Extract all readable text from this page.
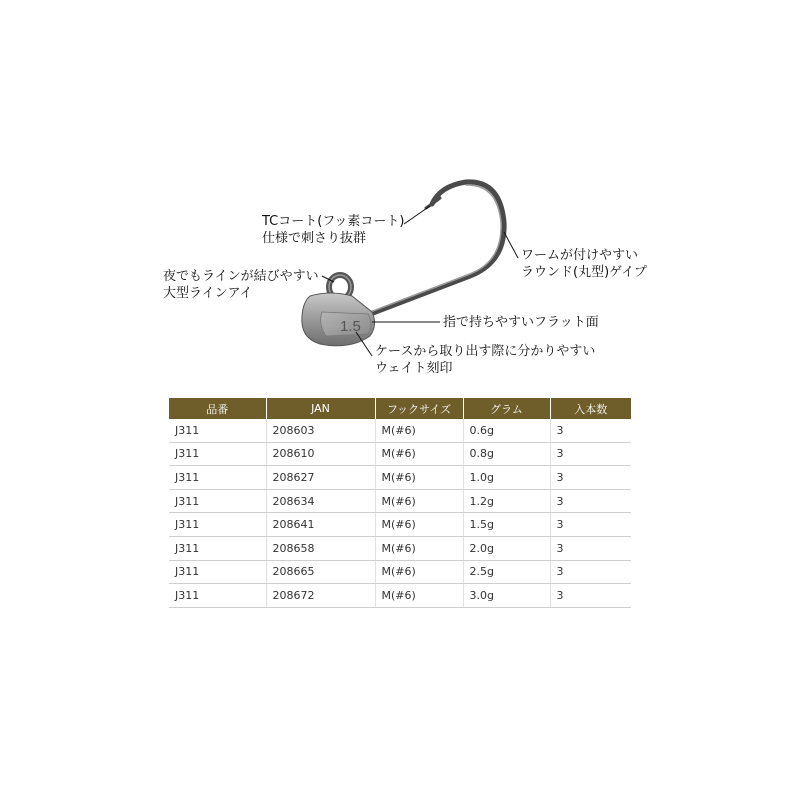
1.5
TCコート(フッ素コート)
仕様で刺さり抜群
夜でもラインが結びやすい
大型ラインアイ
ワームが付けやすい
ラウンド(丸型)ゲイプ
指で持ちやすいフラット面
ケースから取り出す際に分かりやすい
ウェイト刻印
品番	JAN	フックサイズ	グラム	入本数
J311	208603	M(#6)	0.6g	3
J311	208610	M(#6)	0.8g	3
J311	208627	M(#6)	1.0g	3
J311	208634	M(#6)	1.2g	3
J311	208641	M(#6)	1.5g	3
J311	208658	M(#6)	2.0g	3
J311	208665	M(#6)	2.5g	3
J311	208672	M(#6)	3.0g	3
